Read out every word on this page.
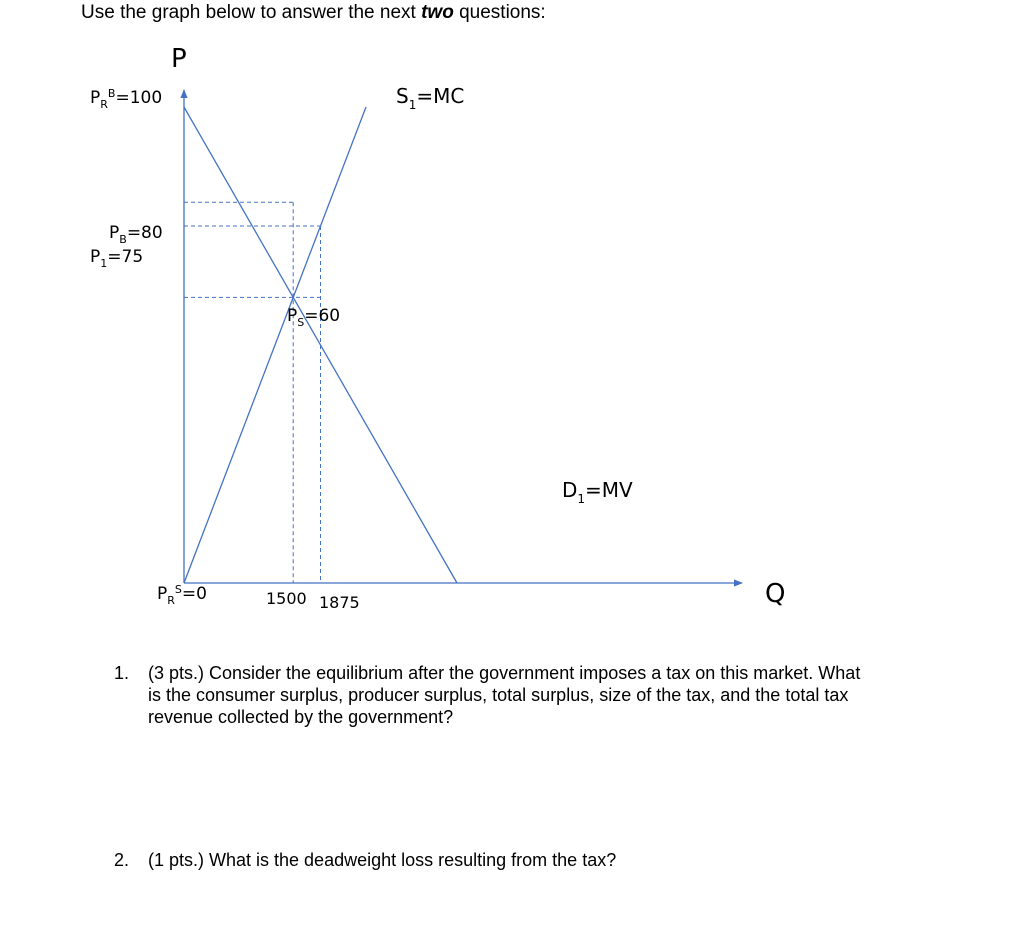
Use the graph below to answer the next two questions:
P
Q
$P_R^B=100$
$P_R^S=0$
$P_B=80$
$P_1=75$
$P_S=60$
1500 1875
$S_1=MC$
$D_1=MV$
1. (3 pts.) Consider the equilibrium after the government imposes a tax on this market. What is the consumer surplus, producer surplus, total surplus, size of the tax, and the total tax revenue collected by the government?
2. (1 pts.) What is the deadweight loss resulting from the tax?
